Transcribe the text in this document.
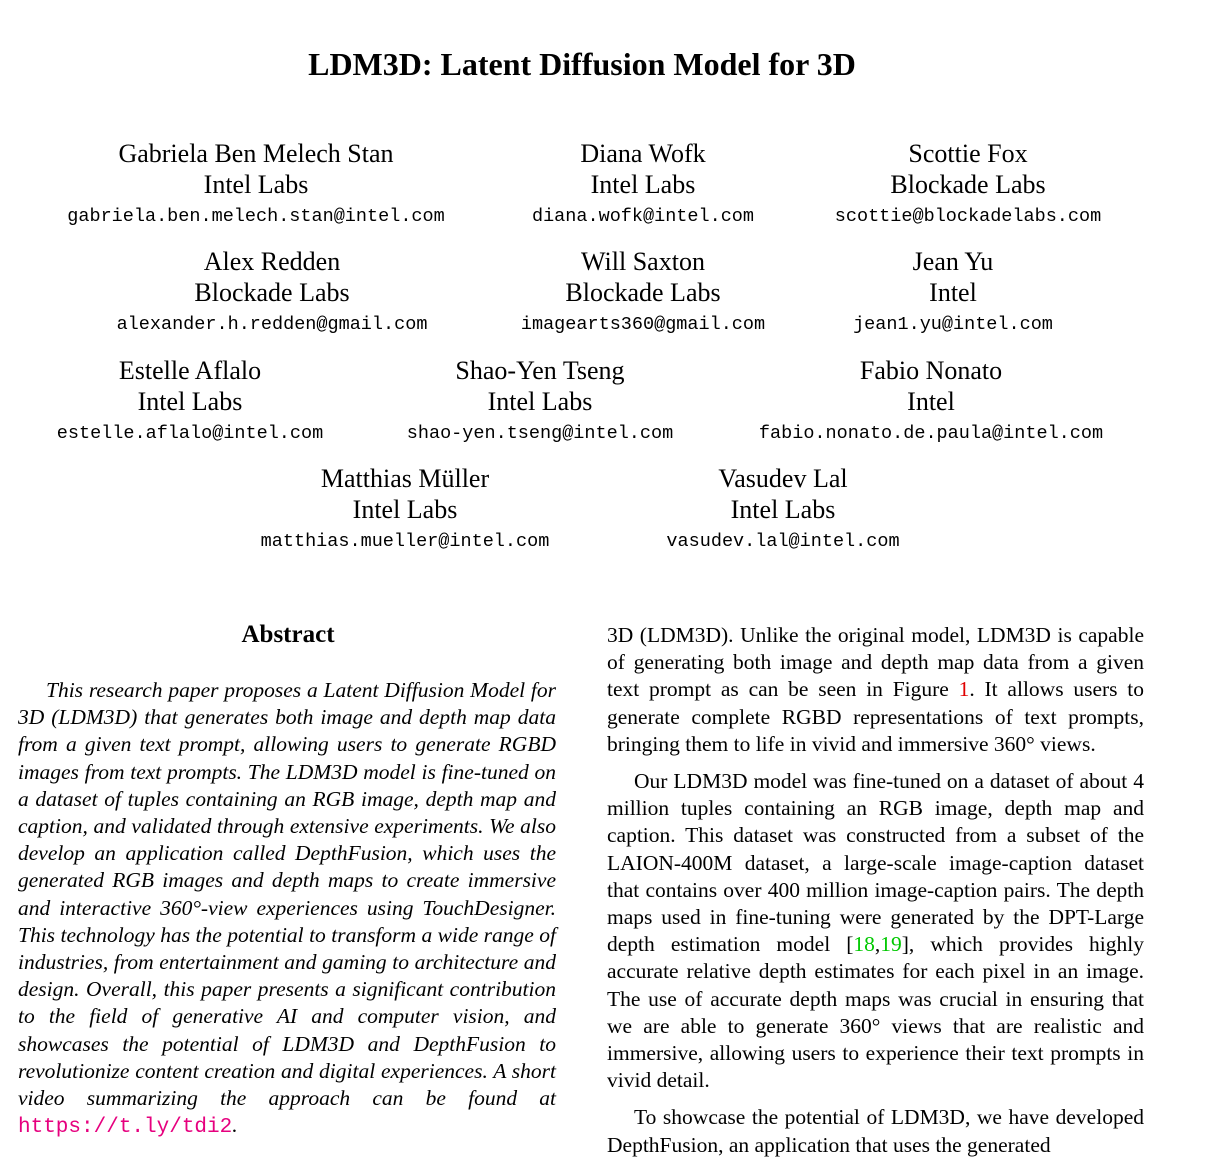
LDM3D: Latent Diffusion Model for 3D
Gabriela Ben Melech Stan
Intel Labs
gabriela.ben.melech.stan@intel.com
Diana Wofk
Intel Labs
diana.wofk@intel.com
Scottie Fox
Blockade Labs
scottie@blockadelabs.com
Alex Redden
Blockade Labs
alexander.h.redden@gmail.com
Will Saxton
Blockade Labs
imagearts360@gmail.com
Jean Yu
Intel
jean1.yu@intel.com
Estelle Aflalo
Intel Labs
estelle.aflalo@intel.com
Shao-Yen Tseng
Intel Labs
shao-yen.tseng@intel.com
Fabio Nonato
Intel
fabio.nonato.de.paula@intel.com
Matthias Müller
Intel Labs
matthias.mueller@intel.com
Vasudev Lal
Intel Labs
vasudev.lal@intel.com
Abstract

This research paper proposes a Latent Diffusion Model for 3D (LDM3D) that generates both image and depth map data from a given text prompt, allowing users to generate RGBD images from text prompts. The LDM3D model is fine-tuned on a dataset of tuples containing an RGB image, depth map and caption, and validated through extensive experiments. We also develop an application called DepthFusion, which uses the generated RGB images and depth maps to create immersive and interactive 360°-view experiences using TouchDesigner. This technology has the potential to transform a wide range of industries, from entertainment and gaming to architecture and design. Overall, this paper presents a significant contribution to the field of generative AI and computer vision, and showcases the potential of LDM3D and DepthFusion to revolutionize content creation and digital experiences. A short video summarizing the approach can be found at https://t.ly/tdi2.

3D (LDM3D). Unlike the original model, LDM3D is capable of generating both image and depth map data from a given text prompt as can be seen in Figure 1. It allows users to generate complete RGBD representations of text prompts, bringing them to life in vivid and immersive 360° views.

Our LDM3D model was fine-tuned on a dataset of about 4 million tuples containing an RGB image, depth map and caption. This dataset was constructed from a subset of the LAION-400M dataset, a large-scale image-caption dataset that contains over 400 million image-caption pairs. The depth maps used in fine-tuning were generated by the DPT-Large depth estimation model [18,19], which provides highly accurate relative depth estimates for each pixel in an image. The use of accurate depth maps was crucial in ensuring that we are able to generate 360° views that are realistic and immersive, allowing users to experience their text prompts in vivid detail.

To showcase the potential of LDM3D, we have developed DepthFusion, an application that uses the generated
